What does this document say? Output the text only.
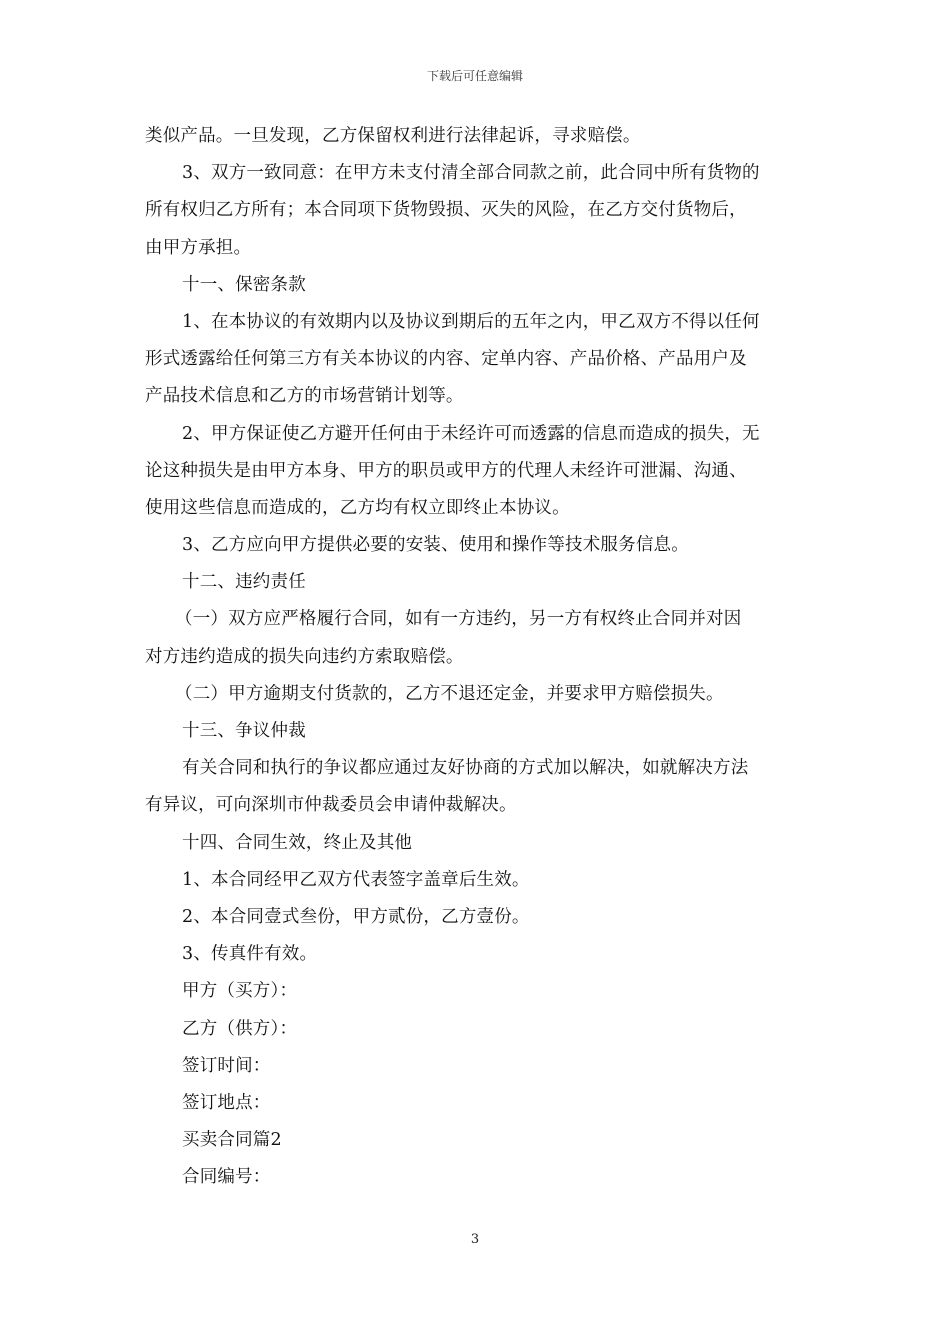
下载后可任意编辑
类似产品。一旦发现，乙方保留权利进行法律起诉，寻求赔偿。
3、双方一致同意：在甲方未支付清全部合同款之前，此合同中所有货物的
所有权归乙方所有；本合同项下货物毁损、灭失的风险，在乙方交付货物后，
由甲方承担。
十一、保密条款
1、在本协议的有效期内以及协议到期后的五年之内，甲乙双方不得以任何
形式透露给任何第三方有关本协议的内容、定单内容、产品价格、产品用户及
产品技术信息和乙方的市场营销计划等。
2、甲方保证使乙方避开任何由于未经许可而透露的信息而造成的损失，无
论这种损失是由甲方本身、甲方的职员或甲方的代理人未经许可泄漏、沟通、
使用这些信息而造成的，乙方均有权立即终止本协议。
3、乙方应向甲方提供必要的安装、使用和操作等技术服务信息。
十二、违约责任
（一）双方应严格履行合同，如有一方违约，另一方有权终止合同并对因
对方违约造成的损失向违约方索取赔偿。
（二）甲方逾期支付货款的，乙方不退还定金，并要求甲方赔偿损失。
十三、争议仲裁
有关合同和执行的争议都应通过友好协商的方式加以解决，如就解决方法
有异议，可向深圳市仲裁委员会申请仲裁解决。
十四、合同生效，终止及其他
1、本合同经甲乙双方代表签字盖章后生效。
2、本合同壹式叁份，甲方贰份，乙方壹份。
3、传真件有效。
甲方（买方）：
乙方（供方）：
签订时间：
签订地点：
买卖合同篇2
合同编号：
3
